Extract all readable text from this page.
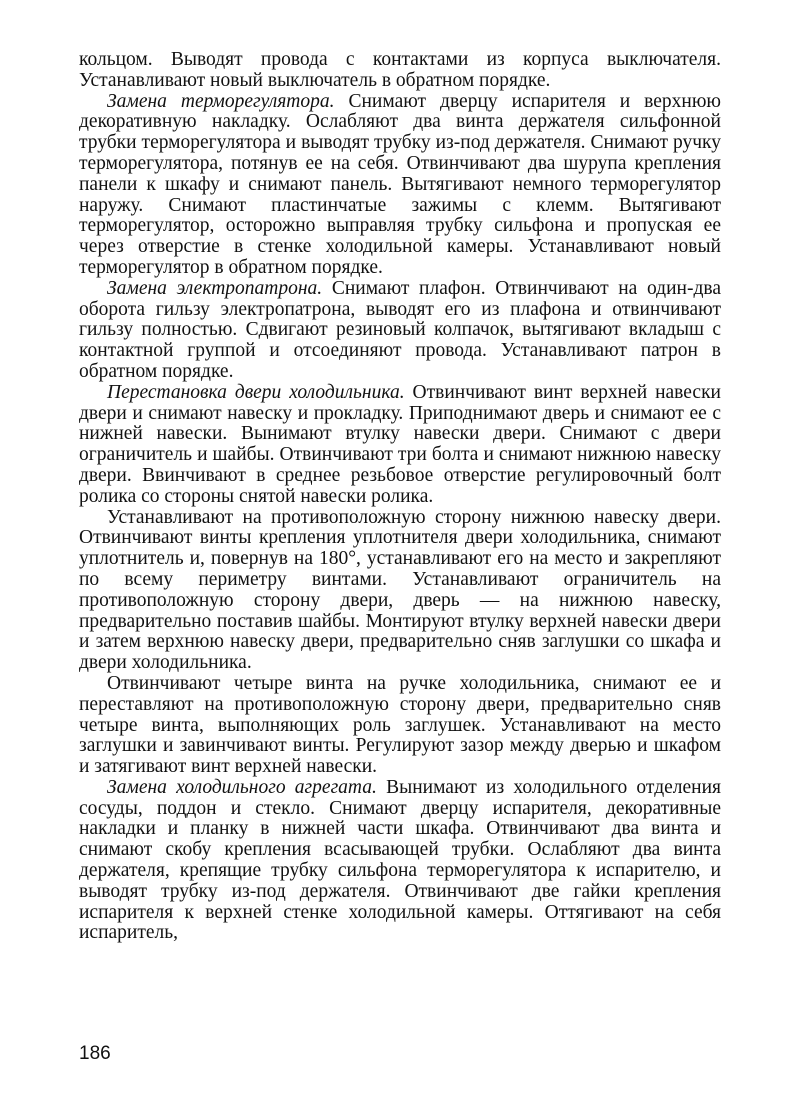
кольцом. Выводят провода с контактами из корпуса выключателя. Устанавливают новый выключатель в обратном порядке.

Замена терморегулятора. Снимают дверцу испарителя и верхнюю декоративную накладку. Ослабляют два винта держателя сильфонной трубки терморегулятора и выводят трубку из-под держателя. Снимают ручку терморегулятора, потянув ее на себя. Отвинчивают два шурупа крепления панели к шкафу и снимают панель. Вытягивают немного терморегулятор наружу. Снимают пластинчатые зажимы с клемм. Вытягивают терморегулятор, осторожно выправляя трубку сильфона и пропуская ее через отверстие в стенке холодильной камеры. Устанавливают новый терморегулятор в обратном порядке.

Замена электропатрона. Снимают плафон. Отвинчивают на один-два оборота гильзу электропатрона, выводят его из плафона и отвинчивают гильзу полностью. Сдвигают резиновый колпачок, вытягивают вкладыш с контактной группой и отсоединяют провода. Устанавливают патрон в обратном порядке.

Перестановка двери холодильника. Отвинчивают винт верхней навески двери и снимают навеску и прокладку. Приподнимают дверь и снимают ее с нижней навески. Вынимают втулку навески двери. Снимают с двери ограничитель и шайбы. Отвинчивают три болта и снимают нижнюю навеску двери. Ввинчивают в среднее резьбовое отверстие регулировочный болт ролика со стороны снятой навески ролика.

Устанавливают на противоположную сторону нижнюю навеску двери. Отвинчивают винты крепления уплотнителя двери холодильника, снимают уплотнитель и, повернув на 180°, устанавливают его на место и закрепляют по всему периметру винтами. Устанавливают ограничитель на противоположную сторону двери, дверь — на нижнюю навеску, предварительно поставив шайбы. Монтируют втулку верхней навески двери и затем верхнюю навеску двери, предварительно сняв заглушки со шкафа и двери холодильника.

Отвинчивают четыре винта на ручке холодильника, снимают ее и переставляют на противоположную сторону двери, предварительно сняв четыре винта, выполняющих роль заглушек. Устанавливают на место заглушки и завинчивают винты. Регулируют зазор между дверью и шкафом и затягивают винт верхней навески.

Замена холодильного агрегата. Вынимают из холодильного отделения сосуды, поддон и стекло. Снимают дверцу испарителя, декоративные накладки и планку в нижней части шкафа. Отвинчивают два винта и снимают скобу крепления всасывающей трубки. Ослабляют два винта держателя, крепящие трубку сильфона терморегулятора к испарителю, и выводят трубку из-под держателя. Отвинчивают две гайки крепления испарителя к верхней стенке холодильной камеры. Оттягивают на себя испаритель,

186
